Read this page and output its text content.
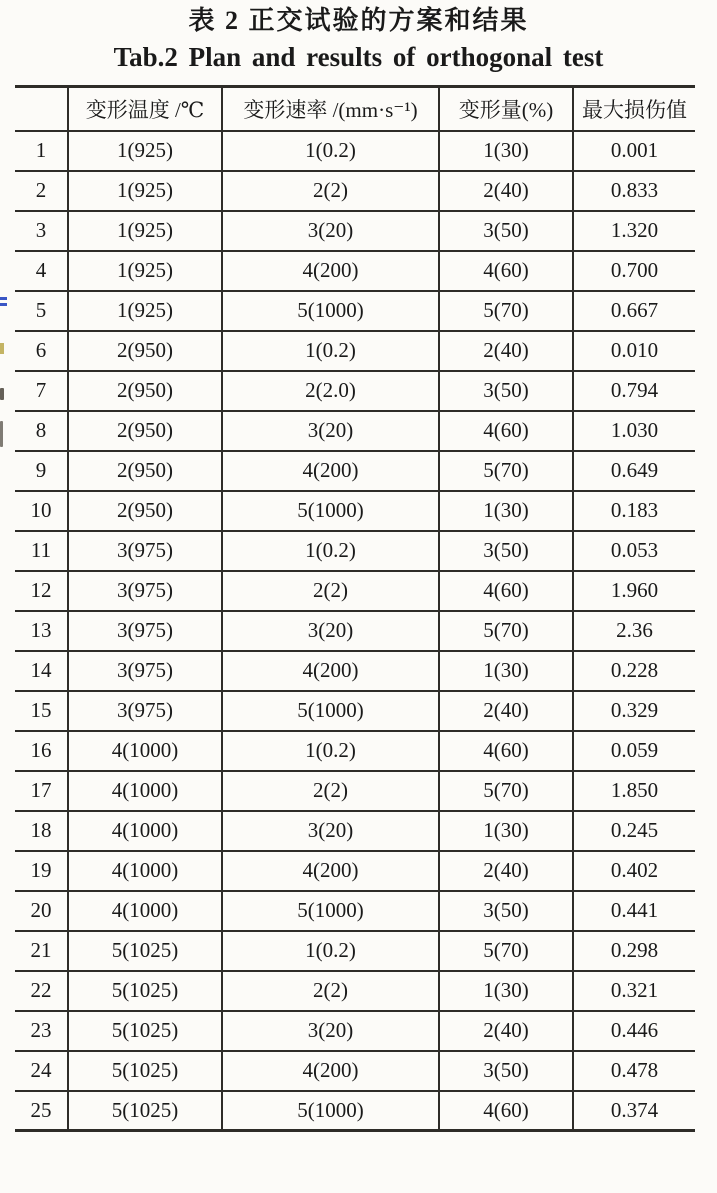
表 2 正交试验的方案和结果
Tab.2 Plan and results of orthogonal test
	变形温度 /℃	变形速率 /(mm·s⁻¹)	变形量(%)	最大损伤值
1	1(925)	1(0.2)	1(30)	0.001
2	1(925)	2(2)	2(40)	0.833
3	1(925)	3(20)	3(50)	1.320
4	1(925)	4(200)	4(60)	0.700
5	1(925)	5(1000)	5(70)	0.667
6	2(950)	1(0.2)	2(40)	0.010
7	2(950)	2(2.0)	3(50)	0.794
8	2(950)	3(20)	4(60)	1.030
9	2(950)	4(200)	5(70)	0.649
10	2(950)	5(1000)	1(30)	0.183
11	3(975)	1(0.2)	3(50)	0.053
12	3(975)	2(2)	4(60)	1.960
13	3(975)	3(20)	5(70)	2.36
14	3(975)	4(200)	1(30)	0.228
15	3(975)	5(1000)	2(40)	0.329
16	4(1000)	1(0.2)	4(60)	0.059
17	4(1000)	2(2)	5(70)	1.850
18	4(1000)	3(20)	1(30)	0.245
19	4(1000)	4(200)	2(40)	0.402
20	4(1000)	5(1000)	3(50)	0.441
21	5(1025)	1(0.2)	5(70)	0.298
22	5(1025)	2(2)	1(30)	0.321
23	5(1025)	3(20)	2(40)	0.446
24	5(1025)	4(200)	3(50)	0.478
25	5(1025)	5(1000)	4(60)	0.374
